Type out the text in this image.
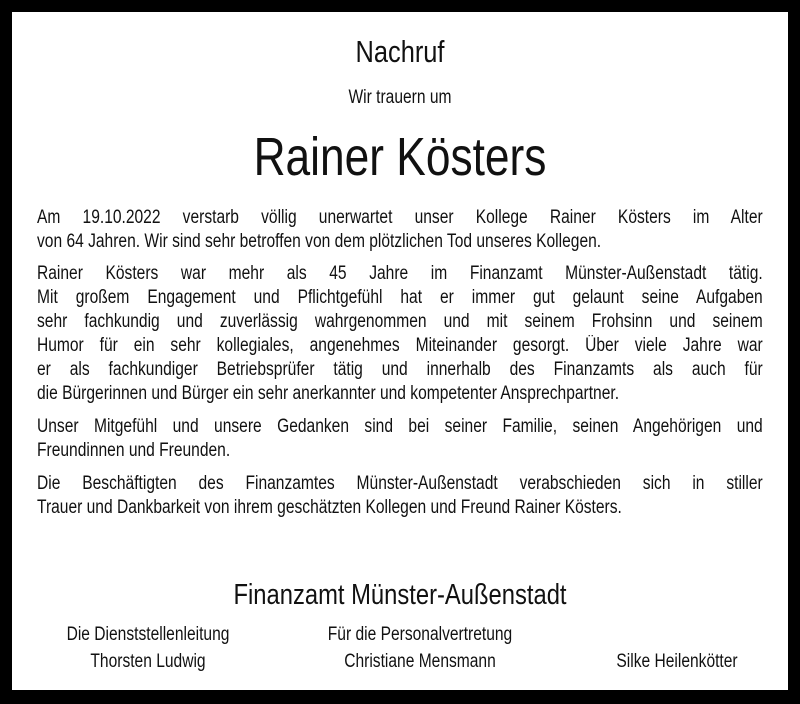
Nachruf
Wir trauern um
Rainer Kösters
Am 19.10.2022 verstarb völlig unerwartet unser Kollege Rainer Kösters im Alter
von 64 Jahren. Wir sind sehr betroffen von dem plötzlichen Tod unseres Kollegen.
Rainer Kösters war mehr als 45 Jahre im Finanzamt Münster-Außenstadt tätig.
Mit großem Engagement und Pflichtgefühl hat er immer gut gelaunt seine Aufgaben
sehr fachkundig und zuverlässig wahrgenommen und mit seinem Frohsinn und seinem
Humor für ein sehr kollegiales, angenehmes Miteinander gesorgt. Über viele Jahre war
er als fachkundiger Betriebsprüfer tätig und innerhalb des Finanzamts als auch für
die Bürgerinnen und Bürger ein sehr anerkannter und kompetenter Ansprechpartner.
Unser Mitgefühl und unsere Gedanken sind bei seiner Familie, seinen Angehörigen und
Freundinnen und Freunden.
Die Beschäftigten des Finanzamtes Münster-Außenstadt verabschieden sich in stiller
Trauer und Dankbarkeit von ihrem geschätzten Kollegen und Freund Rainer Kösters.
Finanzamt Münster-Außenstadt
Die Dienststellenleitung
Thorsten Ludwig
Für die Personalvertretung
Christiane Mensmann	Silke Heilenkötter
